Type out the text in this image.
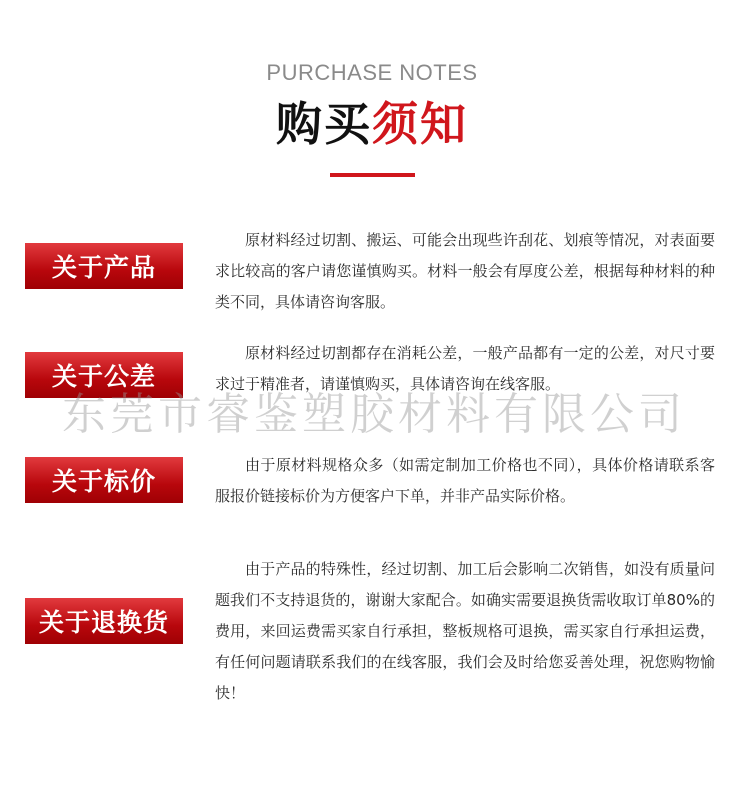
PURCHASE NOTES
购买须知
关于产品
原材料经过切割、搬运、可能会出现些许刮花、划痕等情况，对表面要求比较高的客户请您谨慎购买。材料一般会有厚度公差，根据每种材料的种类不同，具体请咨询客服。
关于公差
原材料经过切割都存在消耗公差，一般产品都有一定的公差，对尺寸要求过于精准者，请谨慎购买，具体请咨询在线客服。
关于标价
由于原材料规格众多（如需定制加工价格也不同），具体价格请联系客服报价链接标价为方便客户下单，并非产品实际价格。
关于退换货
由于产品的特殊性，经过切割、加工后会影响二次销售，如没有质量问题我们不支持退货的，谢谢大家配合。如确实需要退换货需收取订单80%的费用，来回运费需买家自行承担，整板规格可退换，需买家自行承担运费，有任何问题请联系我们的在线客服，我们会及时给您妥善处理，祝您购物愉快！
东莞市睿鉴塑胶材料有限公司
